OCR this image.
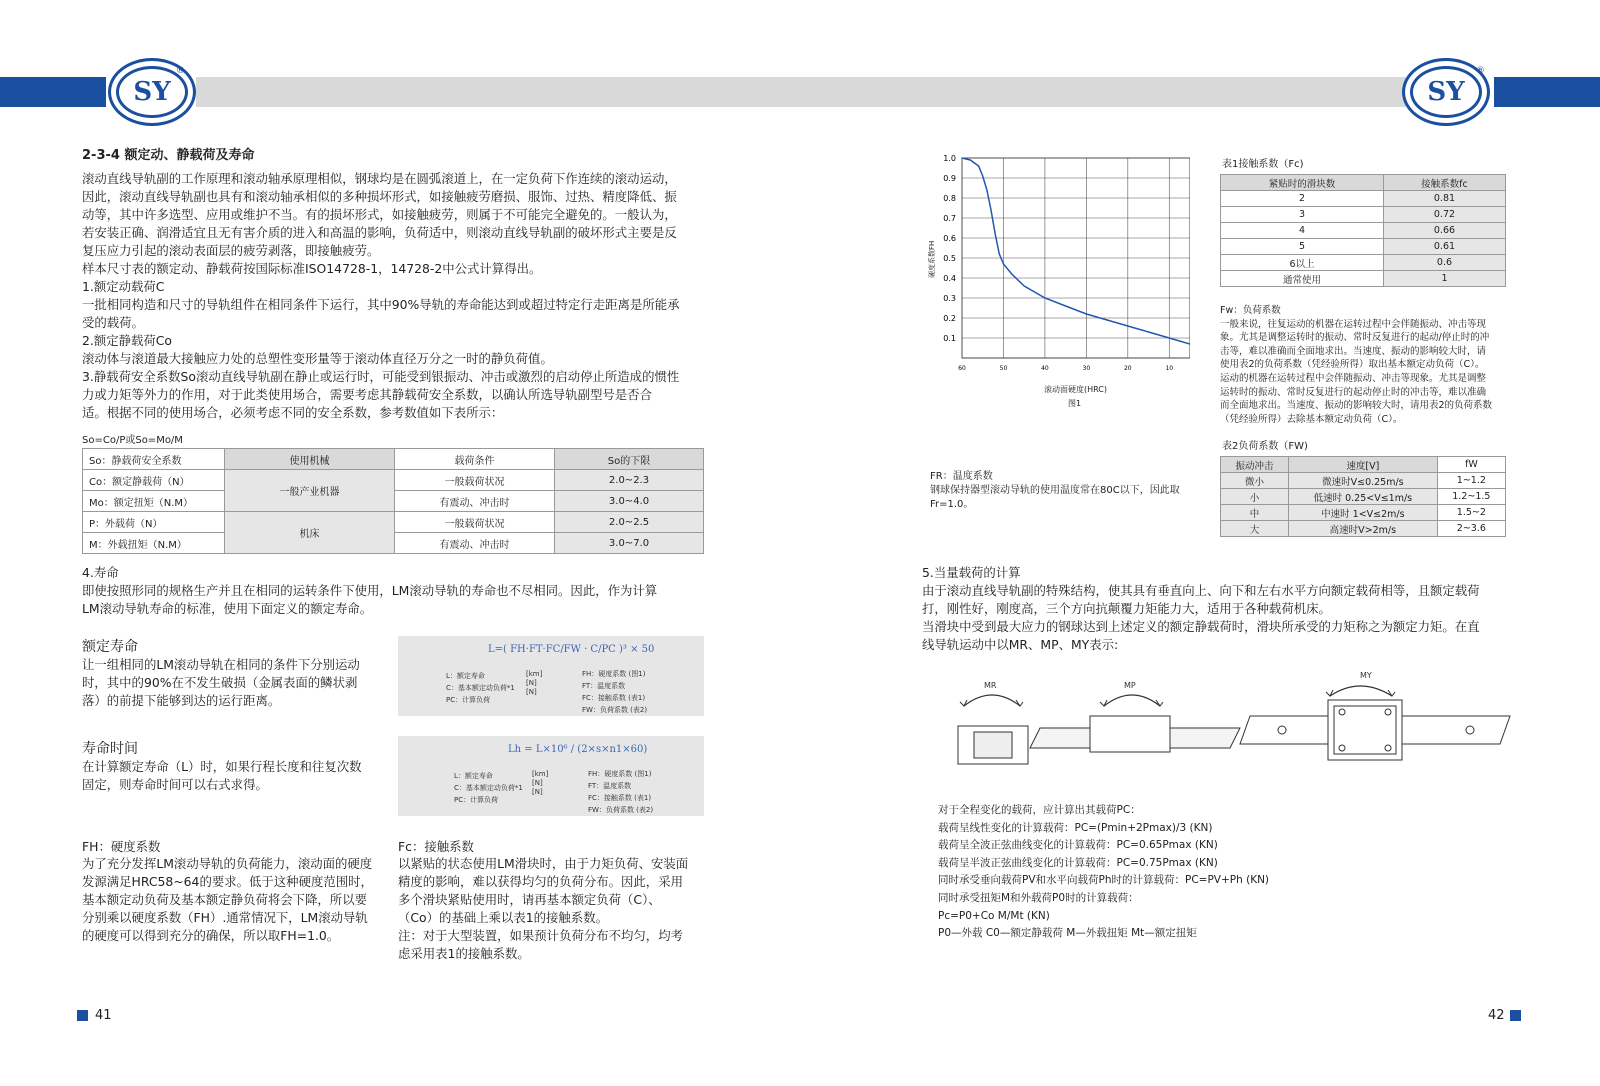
SY
®
SY
®
2-3-4 额定动、静载荷及寿命
滚动直线导轨副的工作原理和滚动轴承原理相似，钢球均是在圆弧滚道上，在一定负荷下作连续的滚动运动，
因此，滚动直线导轨副也具有和滚动轴承相似的多种损坏形式，如接触疲劳磨损、服饰、过热、精度降低、振
动等，其中许多选型、应用或维护不当。有的损坏形式，如接触疲劳，则属于不可能完全避免的。一般认为，
若安装正确、润滑适宜且无有害介质的进入和高温的影响，负荷适中，则滚动直线导轨副的破坏形式主要是反
复压应力引起的滚动表面层的疲劳剥落，即接触疲劳。
样本尺寸表的额定动、静载荷按国际标准ISO14728-1，14728-2中公式计算得出。
1.额定动载荷C
一批相同构造和尺寸的导轨组件在相同条件下运行，其中90%导轨的寿命能达到或超过特定行走距离是所能承
受的载荷。
2.额定静载荷Co
滚动体与滚道最大接触应力处的总塑性变形量等于滚动体直径万分之一时的静负荷值。
3.静载荷安全系数So滚动直线导轨副在静止或运行时，可能受到银振动、冲击或激烈的启动停止所造成的惯性
力或力矩等外力的作用，对于此类使用场合，需要考虑其静载荷安全系数，以确认所选导轨副型号是否合
适。根据不同的使用场合，必须考虑不同的安全系数，参考数值如下表所示：
So=Co/P或So=Mo/M
So：静载荷安全系数	使用机械	载荷条件	So的下限
Co：额定静载荷（N）	一般产业机器	一般载荷状况	2.0~2.3
Mo：额定扭矩（N.M）		有震动、冲击时	3.0~4.0
P：外载荷（N）	机床	一般载荷状况	2.0~2.5
M：外载扭矩（N.M）		有震动、冲击时	3.0~7.0
4.寿命
即使按照形同的规格生产并且在相同的运转条件下使用，LM滚动导轨的寿命也不尽相同。因此，作为计算
LM滚动导轨寿命的标准，使用下面定义的额定寿命。
额定寿命
让一组相同的LM滚动导轨在相同的条件下分别运动
时，其中的90%在不发生破损（金属表面的鳞状剥
落）的前提下能够到达的运行距离。
L=( FH·FT·FC/FW · C/PC )³ × 50
L：额定寿命
C：基本额定动负荷*1
PC：计算负荷
[km]
[N]
[N]
FH：硬度系数 (图1)
FT：温度系数
FC：接触系数 (表1)
FW：负荷系数 (表2)
寿命时间
在计算额定寿命（L）时，如果行程长度和往复次数
固定，则寿命时间可以右式求得。
Lh = L×10⁶ / (2×s×n1×60)
L：额定寿命
C：基本额定动负荷*1
PC：计算负荷
[km]
[N]
[N]
FH：硬度系数 (图1)
FT：温度系数
FC：接触系数 (表1)
FW：负荷系数 (表2)
FH：硬度系数
为了充分发挥LM滚动导轨的负荷能力，滚动面的硬度
发源满足HRC58~64的要求。低于这种硬度范围时，
基本额定动负荷及基本额定静负荷将会下降，所以要
分别乘以硬度系数（FH）.通常情况下，LM滚动导轨
的硬度可以得到充分的确保，所以取FH=1.0。
Fc：接触系数
以紧贴的状态使用LM滑块时，由于力矩负荷、安装面
精度的影响，难以获得均匀的负荷分布。因此，采用
多个滑块紧贴使用时，请再基本额定负荷（C）、
（Co）的基础上乘以表1的接触系数。
注：对于大型装置，如果预计负荷分布不均匀，均考
虑采用表1的接触系数。
41
1.0
0.9
0.8
0.7
0.6
0.5
0.4
0.3
0.2
0.1
60	50	40	30	20	10
硬度系数FH
滚动面硬度(HRC)
图1
表1接触系数（Fc)
紧贴时的滑块数	接触系数fc
2	0.81
3	0.72
4	0.66
5	0.61
6以上	0.6
通常使用	1
Fw：负荷系数
一般来说，往复运动的机器在运转过程中会伴随振动、冲击等现
象。尤其是调整运转时的振动、常时反复进行的起动/停止时的冲
击等，难以准确而全面地求出。当速度、振动的影响较大时，请
使用表2的负荷系数（凭经验所得）取出基本额定动负荷（C）。
运动的机器在运转过程中会伴随振动、冲击等现象。尤其是调整
运转时的振动、常时反复进行的起动停止时的冲击等，难以准确
而全面地求出。当速度、振动的影响较大时，请用表2的负荷系数
（凭经验所得）去除基本额定动负荷（C）。
表2负荷系数（FW)
振动冲击	速度[V]	fW
微小	微速时V≤0.25m/s	1~1.2
小	低速时 0.25<V≤1m/s	1.2~1.5
中	中速时 1<V≤2m/s	1.5~2
大	高速时V>2m/s	2~3.6
FR：温度系数
钢球保持器型滚动导轨的使用温度常在80C以下，因此取
Fr=1.0。
5.当量载荷的计算
由于滚动直线导轨副的特殊结构，使其具有垂直向上、向下和左右水平方向额定载荷相等，且额定载荷
打，刚性好，刚度高，三个方向抗颠覆力矩能力大，适用于各种载荷机床。
当滑块中受到最大应力的钢球达到上述定义的额定静载荷时，滑块所承受的力矩称之为额定力矩。在直
线导轨运动中以MR、MP、MY表示:
MR	MP
MY
对于全程变化的载荷，应计算出其载荷PC：
载荷呈线性变化的计算载荷：PC=(Pmin+2Pmax)/3 (KN)
载荷呈全波正弦曲线变化的计算载荷：PC=0.65Pmax (KN)
载荷呈半波正弦曲线变化的计算载荷：PC=0.75Pmax (KN)
同时承受垂向载荷PV和水平向载荷Ph时的计算载荷：PC=PV+Ph (KN)
同时承受扭矩M和外载荷P0时的计算载荷：
Pc=P0+Co M/Mt (KN)
P0—外载 C0—额定静载荷 M—外载扭矩 Mt—额定扭矩
42
